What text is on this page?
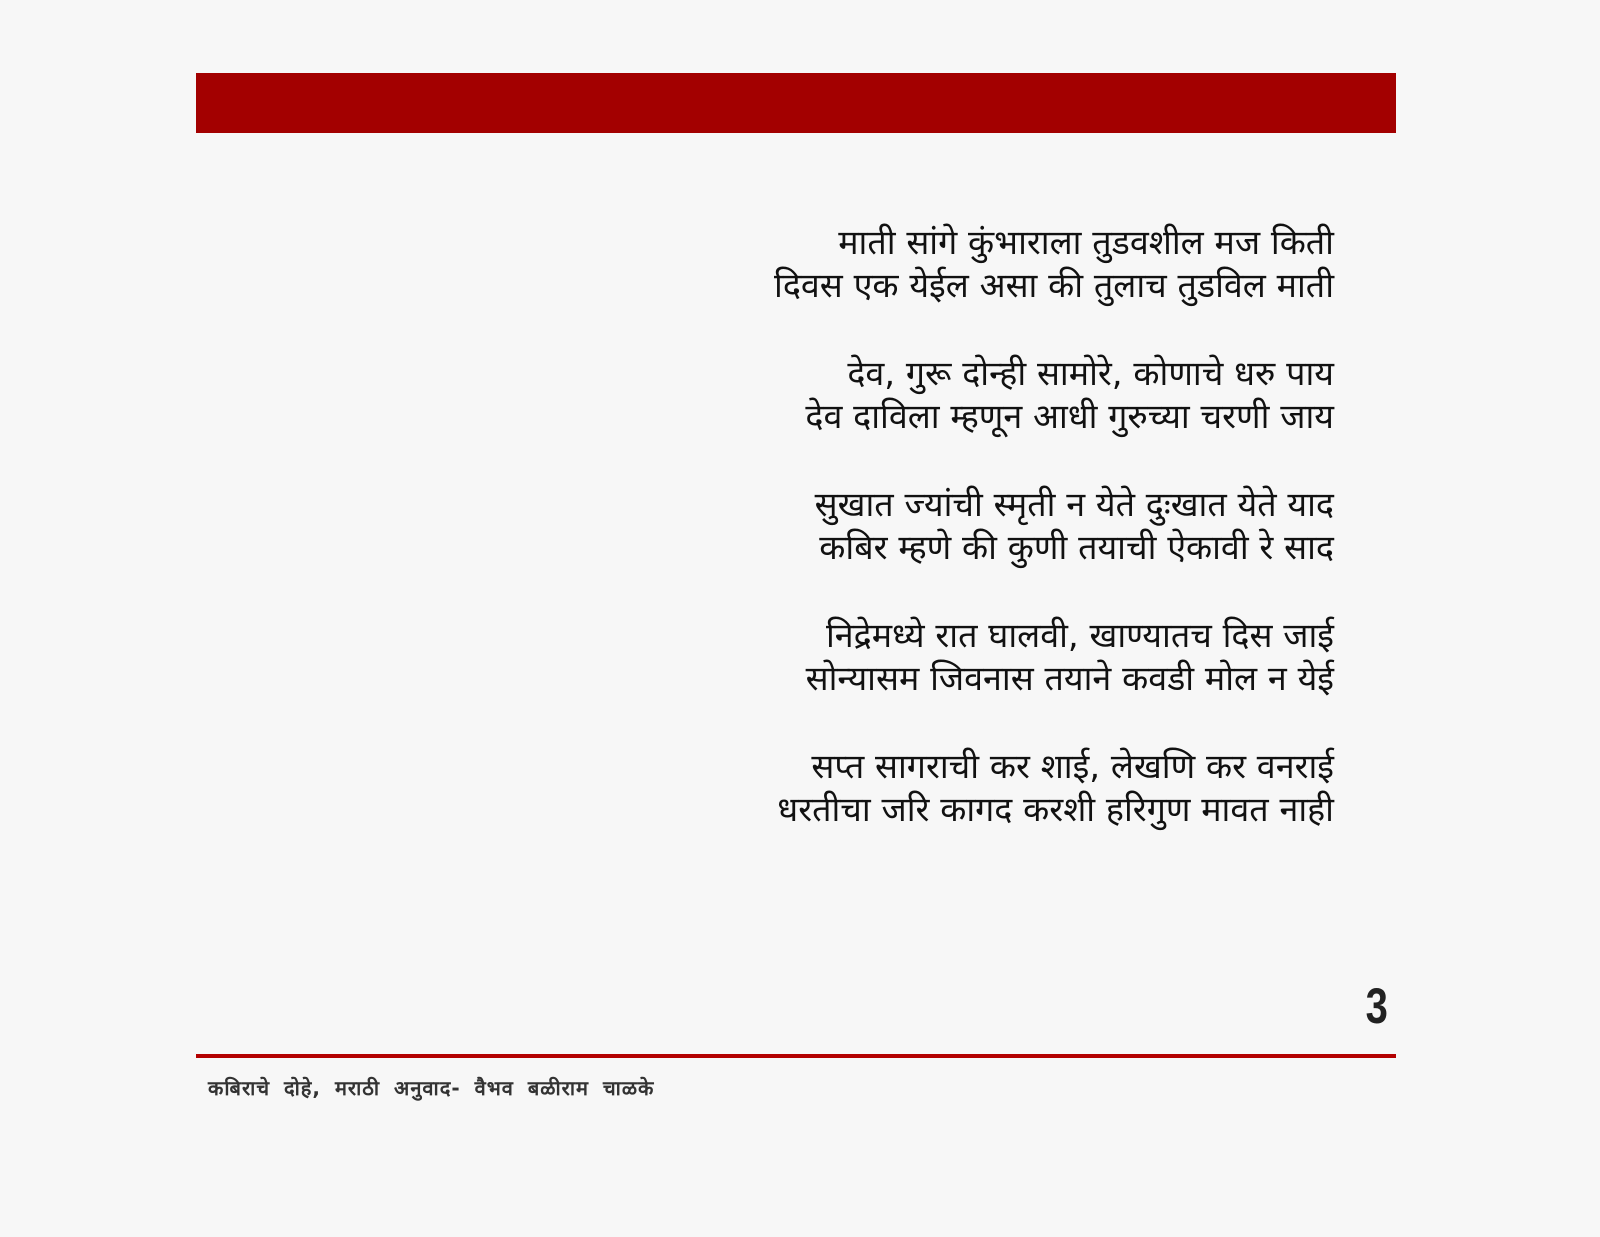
माती सांगे कुंभाराला तुडवशील मज किती
दिवस एक येईल असा की तुलाच तुडविल माती
देव, गुरू दोन्ही सामोरे, कोणाचे धरु पाय
देव दाविला म्हणून आधी गुरुच्या चरणी जाय
सुखात ज्यांची स्मृती न येते दुःखात येते याद
कबिर म्हणे की कुणी तयाची ऐकावी रे साद
निद्रेमध्ये रात घालवी, खाण्यातच दिस जाई
सोन्यासम जिवनास तयाने कवडी मोल न येई
सप्त सागराची कर शाई, लेखणि कर वनराई
धरतीचा जरि कागद करशी हरिगुण मावत नाही
3
कबिराचे दोहे, मराठी अनुवाद- वैभव बळीराम चाळके
